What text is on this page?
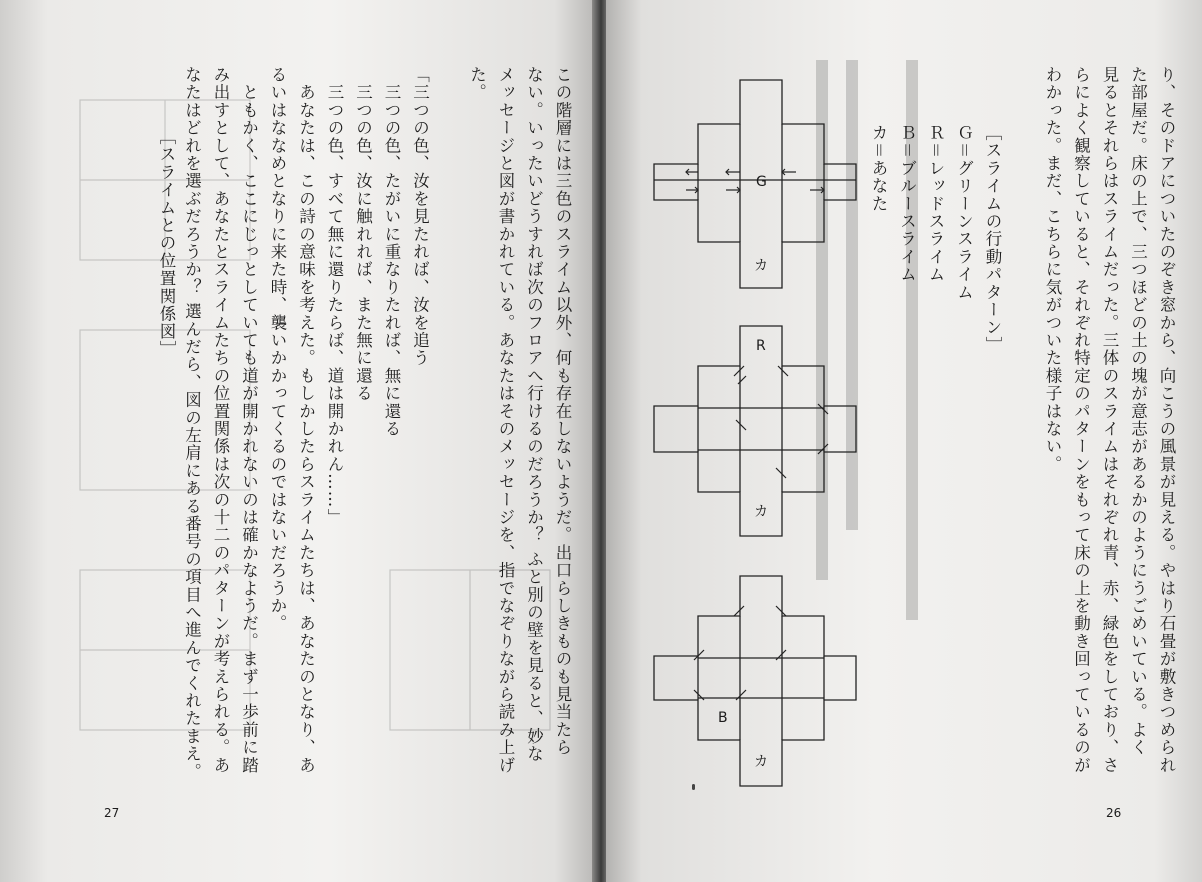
この階層には三色のスライム以外、何も存在しないようだ。出口らしきものも見当たら
ない。いったいどうすれば次のフロアへ行けるのだろうか？ ふと別の壁を見ると、妙な
メッセージと図が書かれている。あなたはそのメッセージを、指でなぞりながら読み上げ
た。

「三つの色、汝を見たれば、汝を追う
　三つの色、たがいに重なりたれば、無に還る
　三つの色、汝に触れれば、また無に還る
　三つの色、すべて無に還りたらば、道は開かれん……」
　あなたは、この詩の意味を考えた。もしかしたらスライムたちは、あなたのとなり、あ
るいはななめとなりに来た時、襲いかかってくるのではないだろうか。
　ともかく、ここにじっとしていても道が開かれないのは確かなようだ。まず一歩前に踏
み出すとして、あなたとスライムたちの位置関係は次の十二のパターンが考えられる。あ
なたはどれを選ぶだろうか？ 選んだら、図の左肩にある番号の項目へ進んでくれたまえ。
［スライムとの位置関係図］
27
り、そのドアについたのぞき窓から、向こうの風景が見える。やはり石畳が敷きつめられ
た部屋だ。床の上で、三つほどの土の塊が意志があるかのようにうごめいている。よく
見るとそれらはスライムだった。三体のスライムはそれぞれ青、赤、緑色をしており、さ
らによく観察していると、それぞれ特定のパターンをもって床の上を動き回っているのが
わかった。まだ、こちらに気がついた様子はない。
G
カ
R
カ
B
カ
［スライムの行動パターン］
Ｇ＝グリーンスライム
Ｒ＝レッドスライム
Ｂ＝ブルースライム
カ＝あなた
26
